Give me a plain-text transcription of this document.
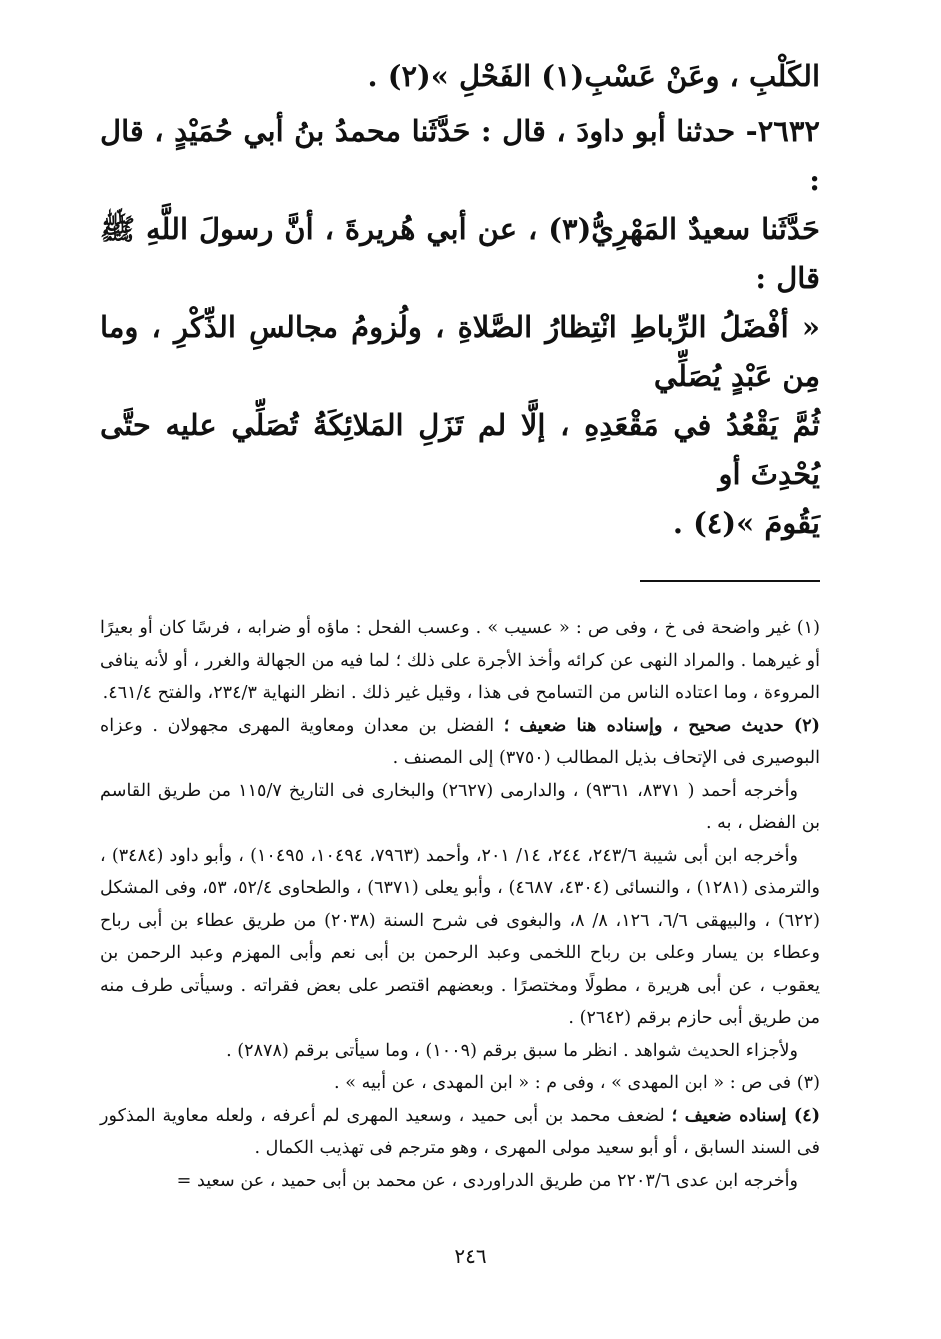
الكَلْبِ ، وعَنْ عَسْبِ(١) الفَحْلِ »(٢) .
٢٦٣٢- حدثنا أبو داودَ ، قال : حَدَّثَنا محمدُ بنُ أبي حُمَيْدٍ ، قال :
حَدَّثَنا سعيدٌ المَهْرِيُّ(٣) ، عن أبي هُريرةَ ، أنَّ رسولَ اللَّهِ ﷺ قال :
« أفْضَلُ الرِّباطِ انْتِظارُ الصَّلاةِ ، ولُزومُ مجالسِ الذِّكْرِ ، وما مِن عَبْدٍ يُصَلِّي
ثُمَّ يَقْعُدُ في مَقْعَدِهِ ، إلَّا لم تَزَلِ المَلائِكَةُ تُصَلِّي عليه حتَّى يُحْدِثَ أو
يَقُومَ »(٤) .

(١) غير واضحة فى خ ، وفى ص : « عسيب » . وعسب الفحل : ماؤه أو ضرابه ، فرسًا كان أو بعيرًا أو غيرهما . والمراد النهى عن كرائه وأخذ الأجرة على ذلك ؛ لما فيه من الجهالة والغرر ، أو لأنه ينافى المروءة ، وما اعتاده الناس من التسامح فى هذا ، وقيل غير ذلك . انظر النهاية ٢٣٤/٣، والفتح ٤٦١/٤.

(٢) حديث صحيح ، وإسناده هنا ضعيف ؛ الفضل بن معدان ومعاوية المهرى مجهولان . وعزاه البوصيرى فى الإتحاف بذيل المطالب (٣٧٥٠) إلى المصنف .

وأخرجه أحمد ( ٨٣٧١، ٩٣٦١) ، والدارمى (٢٦٢٧) والبخارى فى التاريخ ١١٥/٧ من طريق القاسم بن الفضل ، به .

وأخرجه ابن أبى شيبة ٢٤٣/٦، ٢٤٤، ١٤/ ٢٠١، وأحمد (٧٩٦٣، ١٠٤٩٤، ١٠٤٩٥) ، وأبو داود (٣٤٨٤) ، والترمذى (١٢٨١) ، والنسائى (٤٣٠٤، ٤٦٨٧) ، وأبو يعلى (٦٣٧١) ، والطحاوى ٥٢/٤، ٥٣، وفى المشكل (٦٢٢) ، والبيهقى ٦/٦، ١٢٦، ٨/ ٨، والبغوى فى شرح السنة (٢٠٣٨) من طريق عطاء بن أبى رباح وعطاء بن يسار وعلى بن رباح اللخمى وعبد الرحمن بن أبى نعم وأبى المهزم وعبد الرحمن بن يعقوب ، عن أبى هريرة ، مطولًا ومختصرًا . وبعضهم اقتصر على بعض فقراته . وسيأتى طرف منه من طريق أبى حازم برقم (٢٦٤٢) .

ولأجزاء الحديث شواهد . انظر ما سبق برقم (١٠٠٩) ، وما سيأتى برقم (٢٨٧٨) .

(٣) فى ص : « ابن المهدى » ، وفى م : « ابن المهدى ، عن أبيه » .

(٤) إسناده ضعيف ؛ لضعف محمد بن أبى حميد ، وسعيد المهرى لم أعرفه ، ولعله معاوية المذكور فى السند السابق ، أو أبو سعيد مولى المهرى ، وهو مترجم فى تهذيب الكمال .

وأخرجه ابن عدى ٢٢٠٣/٦ من طريق الدراوردى ، عن محمد بن أبى حميد ، عن سعيد =

٢٤٦
